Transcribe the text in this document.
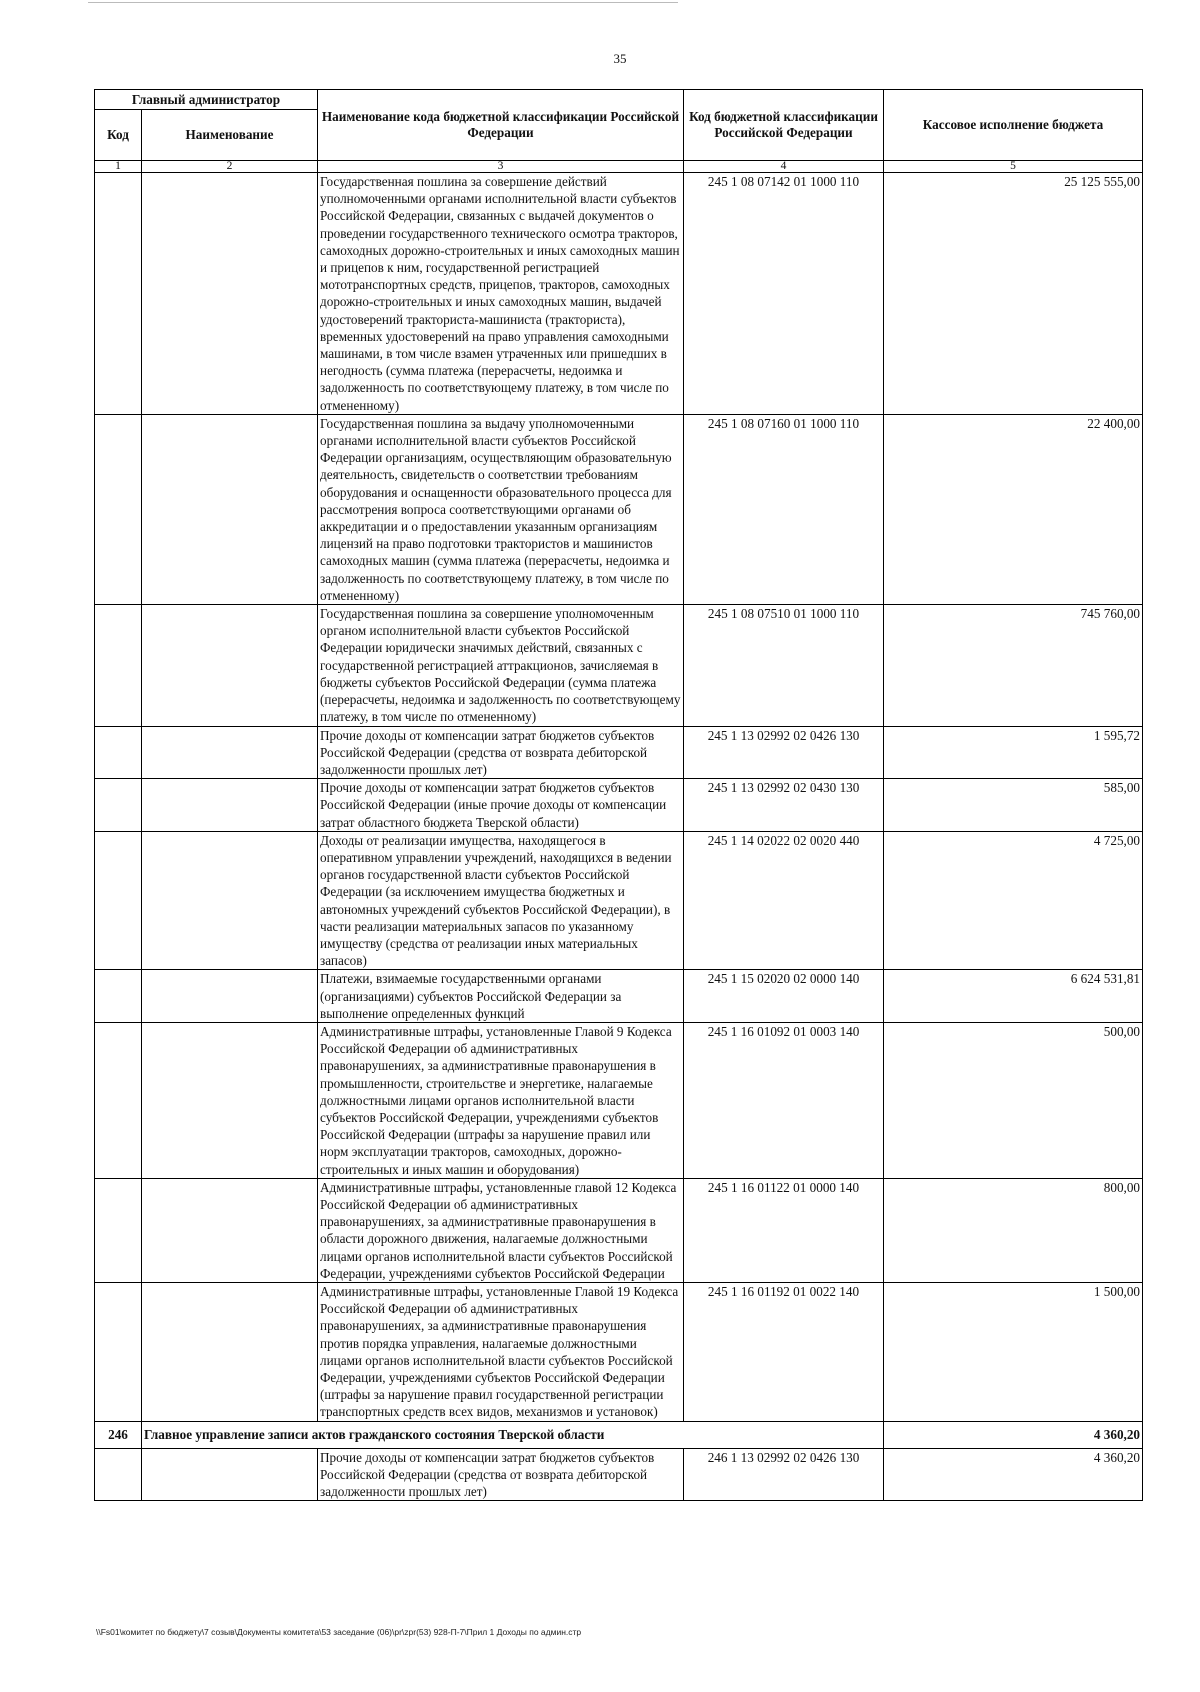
35
Главный администратор		Наименование кода бюджетной классификации Российской Федерации	Код бюджетной классификации Российской Федерации	Кассовое исполнение бюджета
Код	Наименование			
1	2	3	4	5
		Государственная пошлина за совершение действий уполномоченными органами исполнительной власти субъектов Российской Федерации, связанных с выдачей документов о проведении государственного технического осмотра тракторов, самоходных дорожно-строительных и иных самоходных машин и прицепов к ним, государственной регистрацией мототранспортных средств, прицепов, тракторов, самоходных дорожно-строительных и иных самоходных машин, выдачей удостоверений тракториста-машиниста (тракториста), временных удостоверений на право управления самоходными машинами, в том числе взамен утраченных или пришедших в негодность (сумма платежа (перерасчеты, недоимка и задолженность по соответствующему платежу, в том числе по отмененному)	245 1 08 07142 01 1000 110	25 125 555,00
		Государственная пошлина за выдачу уполномоченными органами исполнительной власти субъектов Российской Федерации организациям, осуществляющим образовательную деятельность, свидетельств о соответствии требованиям оборудования и оснащенности образовательного процесса для рассмотрения вопроса соответствующими органами об аккредитации и о предоставлении указанным организациям лицензий на право подготовки трактористов и машинистов самоходных машин (сумма платежа (перерасчеты, недоимка и задолженность по соответствующему платежу, в том числе по отмененному)	245 1 08 07160 01 1000 110	22 400,00
		Государственная пошлина за совершение уполномоченным органом исполнительной власти субъектов Российской Федерации юридически значимых действий, связанных с государственной регистрацией аттракционов, зачисляемая в бюджеты субъектов Российской Федерации (сумма платежа (перерасчеты, недоимка и задолженность по соответствующему платежу, в том числе по отмененному)	245 1 08 07510 01 1000 110	745 760,00
		Прочие доходы от компенсации затрат бюджетов субъектов Российской Федерации (средства от возврата дебиторской задолженности прошлых лет)	245 1 13 02992 02 0426 130	1 595,72
		Прочие доходы от компенсации затрат бюджетов субъектов Российской Федерации (иные прочие доходы от компенсации затрат областного бюджета Тверской области)	245 1 13 02992 02 0430 130	585,00
		Доходы от реализации имущества, находящегося в оперативном управлении учреждений, находящихся в ведении органов государственной власти субъектов Российской Федерации (за исключением имущества бюджетных и автономных учреждений субъектов Российской Федерации), в части реализации материальных запасов по указанному имуществу (средства от реализации иных материальных запасов)	245 1 14 02022 02 0020 440	4 725,00
		Платежи, взимаемые государственными органами (организациями) субъектов Российской Федерации за выполнение определенных функций	245 1 15 02020 02 0000 140	6 624 531,81
		Административные штрафы, установленные Главой 9 Кодекса Российской Федерации об административных правонарушениях, за административные правонарушения в промышленности, строительстве и энергетике, налагаемые должностными лицами органов исполнительной власти субъектов Российской Федерации, учреждениями субъектов Российской Федерации (штрафы за нарушение правил или норм эксплуатации тракторов, самоходных, дорожно-строительных и иных машин и оборудования)	245 1 16 01092 01 0003 140	500,00
		Административные штрафы, установленные главой 12 Кодекса Российской Федерации об административных правонарушениях, за административные правонарушения в области дорожного движения, налагаемые должностными лицами органов исполнительной власти субъектов Российской Федерации, учреждениями субъектов Российской Федерации	245 1 16 01122 01 0000 140	800,00
		Административные штрафы, установленные Главой 19 Кодекса Российской Федерации об административных правонарушениях, за административные правонарушения против порядка управления, налагаемые должностными лицами органов исполнительной власти субъектов Российской Федерации, учреждениями субъектов Российской Федерации (штрафы за нарушение правил государственной регистрации транспортных средств всех видов, механизмов и установок)	245 1 16 01192 01 0022 140	1 500,00
246	Главное управление записи актов гражданского состояния Тверской области			4 360,20
		Прочие доходы от компенсации затрат бюджетов субъектов Российской Федерации (средства от возврата дебиторской задолженности прошлых лет)	246 1 13 02992 02 0426 130	4 360,20
\\Fs01\комитет по бюджету\7 созыв\Документы комитета\53 заседание (06)\pr\zpr(53) 928-П-7\Прил 1 Доходы по админ.стр
